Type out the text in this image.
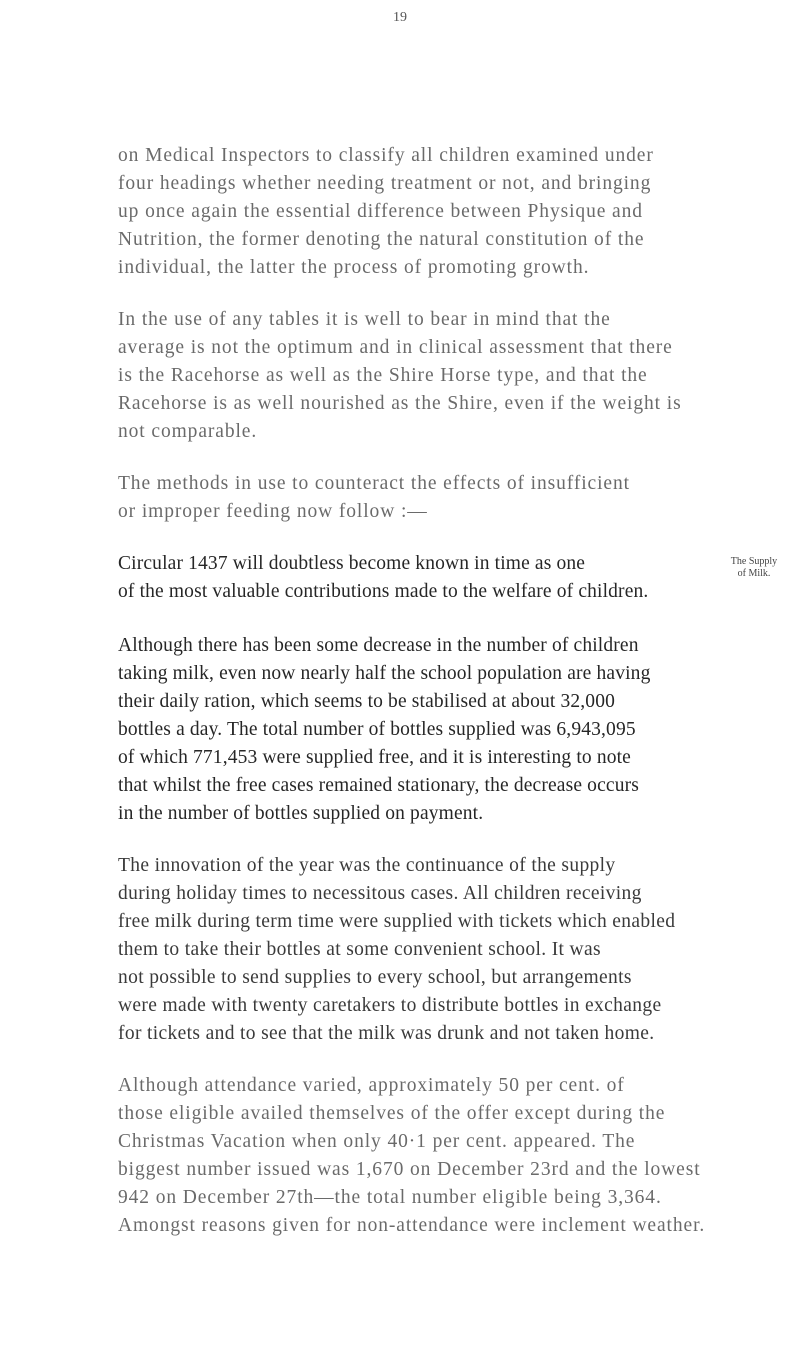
19
on Medical Inspectors to classify all children examined under
four headings whether needing treatment or not, and bringing
up once again the essential difference between Physique and
Nutrition, the former denoting the natural constitution of the
individual, the latter the process of promoting growth.
In the use of any tables it is well to bear in mind that the
average is not the optimum and in clinical assessment that there
is the Racehorse as well as the Shire Horse type, and that the
Racehorse is as well nourished as the Shire, even if the weight is
not comparable.
The methods in use to counteract the effects of insufficient
or improper feeding now follow :—
Circular 1437 will doubtless become known in time as one
of the most valuable contributions made to the welfare of children.
The Supply
of Milk.
Although there has been some decrease in the number of children
taking milk, even now nearly half the school population are having
their daily ration, which seems to be stabilised at about 32,000
bottles a day. The total number of bottles supplied was 6,943,095
of which 771,453 were supplied free, and it is interesting to note
that whilst the free cases remained stationary, the decrease occurs
in the number of bottles supplied on payment.
The innovation of the year was the continuance of the supply
during holiday times to necessitous cases. All children receiving
free milk during term time were supplied with tickets which enabled
them to take their bottles at some convenient school. It was
not possible to send supplies to every school, but arrangements
were made with twenty caretakers to distribute bottles in exchange
for tickets and to see that the milk was drunk and not taken home.
Although attendance varied, approximately 50 per cent. of
those eligible availed themselves of the offer except during the
Christmas Vacation when only 40·1 per cent. appeared. The
biggest number issued was 1,670 on December 23rd and the lowest
942 on December 27th—the total number eligible being 3,364.
Amongst reasons given for non-attendance were inclement weather.
